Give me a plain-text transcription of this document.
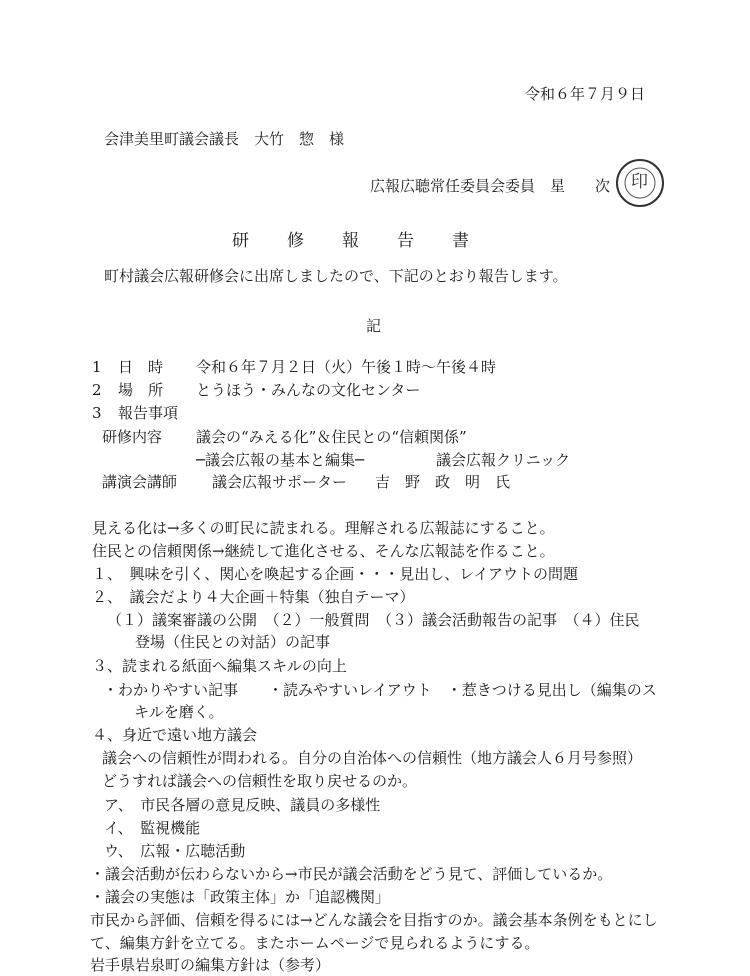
令和６年７月９日
会津美里町議会議長　大竹　惣　様
広報広聴常任委員会委員　星　　次 印
研 修 報 告 書
町村議会広報研修会に出席しましたので、下記のとおり報告します。
記
1 日　時 令和６年７月２日（火）午後１時～午後４時
2 場　所 とうほう・みんなの文化センター
3 報告事項
研修内容 議会の“みえる化”＆住民との“信頼関係”
─議会広報の基本と編集─	議会広報クリニック
講演会講師 議会広報サポーター 吉　野　政　明　氏
見える化は→多くの町民に読まれる。理解される広報誌にすること。
住民との信頼関係→継続して進化させる、そんな広報誌を作ること。
１、　興味を引く、関心を喚起する企画・・・見出し、レイアウトの問題
２、　議会だより４大企画＋特集（独自テーマ）
（１）議案審議の公開　（２）一般質問　（３）議会活動報告の記事　（４）住民
登場（住民との対話）の記事
３、読まれる紙面へ編集スキルの向上
・わかりやすい記事　　・読みやすいレイアウト　・惹きつける見出し（編集のス
キルを磨く。
４、身近で遠い地方議会
議会への信頼性が問われる。自分の自治体への信頼性（地方議会人６月号参照）
どうすれば議会への信頼性を取り戻せるのか。
ア、　市民各層の意見反映、議員の多様性
イ、　監視機能
ウ、　広報・広聴活動
・議会活動が伝わらないから→市民が議会活動をどう見て、評価しているか。
・議会の実態は「政策主体」か「追認機関」
市民から評価、信頼を得るには→どんな議会を目指すのか。議会基本条例をもとにし
て、編集方針を立てる。またホームページで見られるようにする。
岩手県岩泉町の編集方針は（参考）
